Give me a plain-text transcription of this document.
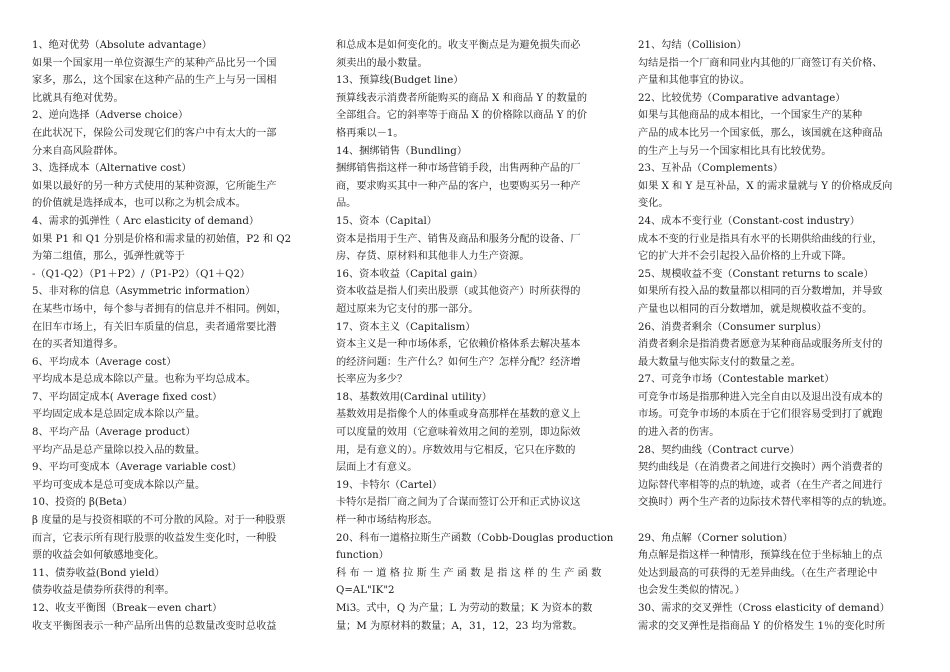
1、绝对优势（Absolute advantage）
如果一个国家用一单位资源生产的某种产品比另一个国
家多，那么，这个国家在这种产品的生产上与另一国相
比就具有绝对优势。
2、逆向选择（Adverse choice）
在此状况下，保险公司发现它们的客户中有太大的一部
分来自高风险群体。
3、选择成本（Alternative cost）
如果以最好的另一种方式使用的某种资源，它所能生产
的价值就是选择成本，也可以称之为机会成本。
4、需求的弧弹性（ Arc elasticity of demand）
如果 P1 和 Q1 分别是价格和需求量的初始值，P2 和 Q2
为第二组值，那么，弧弹性就等于
-（Q1-Q2）（P1＋P2）/（P1-P2）（Q1＋Q2）
5、非对称的信息（Asymmetric information）
在某些市场中，每个参与者拥有的信息并不相同。例如，
在旧车市场上，有关旧车质量的信息，卖者通常要比潜
在的买者知道得多。
6、平均成本（Average cost）
平均成本是总成本除以产量。也称为平均总成本。
7、平均固定成本( Average fixed cost）
平均固定成本是总固定成本除以产量。
8、平均产品（Average product）
平均产品是总产量除以投入品的数量。
9、平均可变成本（Average variable cost）
平均可变成本是总可变成本除以产量。
10、投资的 β(Beta）
β 度量的是与投资相联的不可分散的风险。对于一种股票
而言，它表示所有现行股票的收益发生变化时，一种股
票的收益会如何敏感地变化。
11、债券收益(Bond yield）
债券收益是债券所获得的利率。
12、收支平衡图（Break－even chart）
收支平衡图表示一种产品所出售的总数量改变时总收益
和总成本是如何变化的。收支平衡点是为避免损失而必
须卖出的最小数量。
13、预算线(Budget line）
预算线表示消费者所能购买的商品 X 和商品 Y 的数量的
全部组合。它的斜率等于商品 X 的价格除以商品 Y 的价
格再乘以－1。
14、捆绑销售（Bundling）
捆绑销售指这样一种市场营销手段，出售两种产品的厂
商，要求购买其中一种产品的客户，也要购买另一种产
品。
15、资本（Capital）
资本是指用于生产、销售及商品和服务分配的设备、厂
房、存货、原材料和其他非人力生产资源。
16、资本收益（Capital gain）
资本收益是指人们卖出股票（或其他资产）时所获得的
超过原来为它支付的那一部分。
17、资本主义（Capitalism）
资本主义是一种市场体系，它依赖价格体系去解决基本
的经济问题：生产什么？如何生产？怎样分配？经济增
长率应为多少？
18、基数效用(Cardinal utility）
基数效用是指像个人的体重或身高那样在基数的意义上
可以度量的效用（它意味着效用之间的差别，即边际效
用，是有意义的）。序数效用与它相反，它只在序数的
层面上才有意义。
19、卡特尔（Cartel）
卡特尔是指厂商之间为了合谋而签订公开和正式协议这
样一种市场结构形态。
20、科布一道格拉斯生产函数（Cobb-Douglas production
function）
科 布 一 道 格 拉 斯 生 产 函 数 是 指 这 样 的 生 产 函 数
Q=AL"IK"2
Mi3。式中，Q 为产量；L 为劳动的数量；K 为资本的数
量；M 为原材料的数量；A，31，12，23 均为常数。
21、勾结（Collision）
勾结是指一个厂商和同业内其他的厂商签订有关价格、
产量和其他事宜的协议。
22、比较优势（Comparative advantage）
如果与其他商品的成本相比，一个国家生产的某种
产品的成本比另一个国家低，那么，该国就在这种商品
的生产上与另一个国家相比具有比较优势。
23、互补品（Complements）
如果 X 和 Y 是互补品，X 的需求量就与 Y 的价格成反向
变化。
24、成本不变行业（Constant-cost industry）
成本不变的行业是指具有水平的长期供给曲线的行业，
它的扩大并不会引起投入品价格的上升或下降。
25、规模收益不变（Constant returns to scale）
如果所有投入品的数量都以相同的百分数增加，并导致
产量也以相同的百分数增加，就是规模收益不变的。
26、消费者剩余（Consumer surplus）
消费者剩余是指消费者愿意为某种商品或服务所支付的
最大数量与他实际支付的数量之差。
27、可竞争市场（Contestable market）
可竞争市场是指那种进入完全自由以及退出没有成本的
市场。可竞争市场的本质在于它们很容易受到打了就跑
的进入者的伤害。
28、契约曲线（Contract curve）
契约曲线是（在消费者之间进行交换时）两个消费者的
边际替代率相等的点的轨迹，或者（在生产者之间进行
交换时）两个生产者的边际技术替代率相等的点的轨迹。
29、角点解（Corner solution）
角点解是指这样一种情形，预算线在位于坐标轴上的点
处达到最高的可获得的无差异曲线。（在生产者理论中
也会发生类似的情况。）
30、需求的交叉弹性（Cross elasticity of demand）
需求的交叉弹性是指商品 Y 的价格发生 1％的变化时所
